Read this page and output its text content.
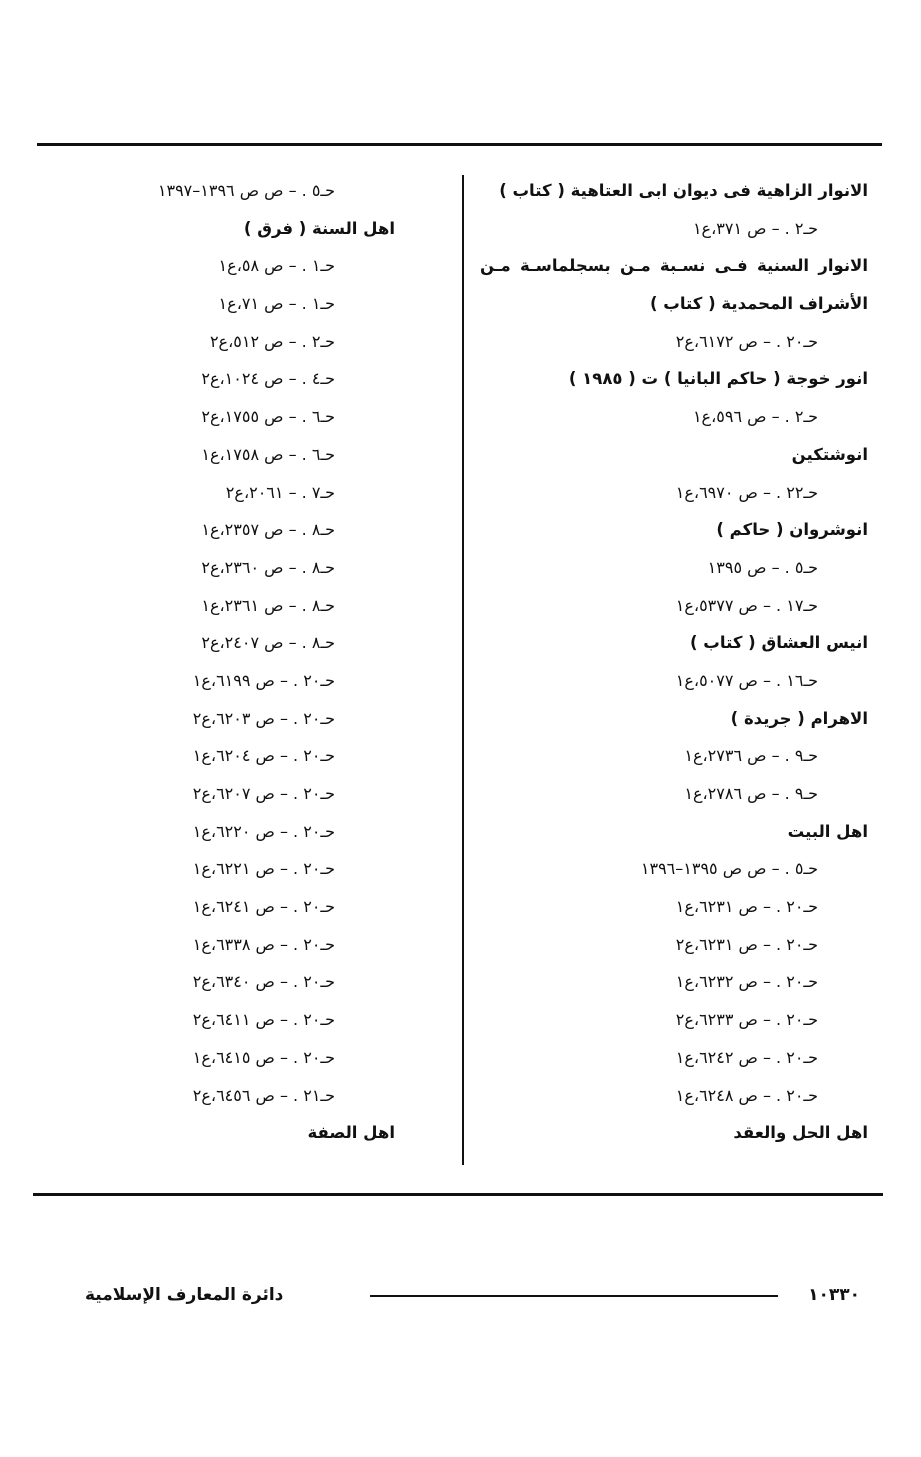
الانوار الزاهية فى ديوان ابى العتاهية ( كتاب )
حـ٢ . – ص ٣٧١،ع١
الانوار السنية فـى نسـبة مـن بسجلماسـة مـن
الأشراف المحمدية ( كتاب )
حـ٢٠ . – ص ٦١٧٢،ع٢
انور خوجة ( حاكم البانيا ) ت ( ١٩٨٥ )
حـ٢ . – ص ٥٩٦،ع١
انوشتكين
حـ٢٢ . – ص ٦٩٧٠،ع١
انوشروان ( حاكم )
حـ٥ . – ص ١٣٩٥
حـ١٧ . – ص ٥٣٧٧،ع١
انيس العشاق ( كتاب )
حـ١٦ . – ص ٥٠٧٧،ع١
الاهرام ( جريدة )
حـ٩ . – ص ٢٧٣٦،ع١
حـ٩ . – ص ٢٧٨٦،ع١
اهل البيت
حـ٥ . – ص ص ١٣٩٥–١٣٩٦
حـ٢٠ . – ص ٦٢٣١،ع١
حـ٢٠ . – ص ٦٢٣١،ع٢
حـ٢٠ . – ص ٦٢٣٢،ع١
حـ٢٠ . – ص ٦٢٣٣،ع٢
حـ٢٠ . – ص ٦٢٤٢،ع١
حـ٢٠ . – ص ٦٢٤٨،ع١
اهل الحل والعقد
حـ٥ . – ص ص ١٣٩٦–١٣٩٧
اهل السنة ( فرق )
حـ١ . – ص ٥٨،ع١
حـ١ . – ص ٧١،ع١
حـ٢ . – ص ٥١٢،ع٢
حـ٤ . – ص ١٠٢٤،ع٢
حـ٦ . – ص ١٧٥٥،ع٢
حـ٦ . – ص ١٧٥٨،ع١
حـ٧ . – ٢٠٦١،ع٢
حـ٨ . – ص ٢٣٥٧،ع١
حـ٨ . – ص ٢٣٦٠،ع٢
حـ٨ . – ص ٢٣٦١،ع١
حـ٨ . – ص ٢٤٠٧،ع٢
حـ٢٠ . – ص ٦١٩٩،ع١
حـ٢٠ . – ص ٦٢٠٣،ع٢
حـ٢٠ . – ص ٦٢٠٤،ع١
حـ٢٠ . – ص ٦٢٠٧،ع٢
حـ٢٠ . – ص ٦٢٢٠،ع١
حـ٢٠ . – ص ٦٢٢١،ع١
حـ٢٠ . – ص ٦٢٤١،ع١
حـ٢٠ . – ص ٦٣٣٨،ع١
حـ٢٠ . – ص ٦٣٤٠،ع٢
حـ٢٠ . – ص ٦٤١١،ع٢
حـ٢٠ . – ص ٦٤١٥،ع١
حـ٢١ . – ص ٦٤٥٦،ع٢
اهل الصفة
١٠٣٣٠
دائرة المعارف الإسلامية
